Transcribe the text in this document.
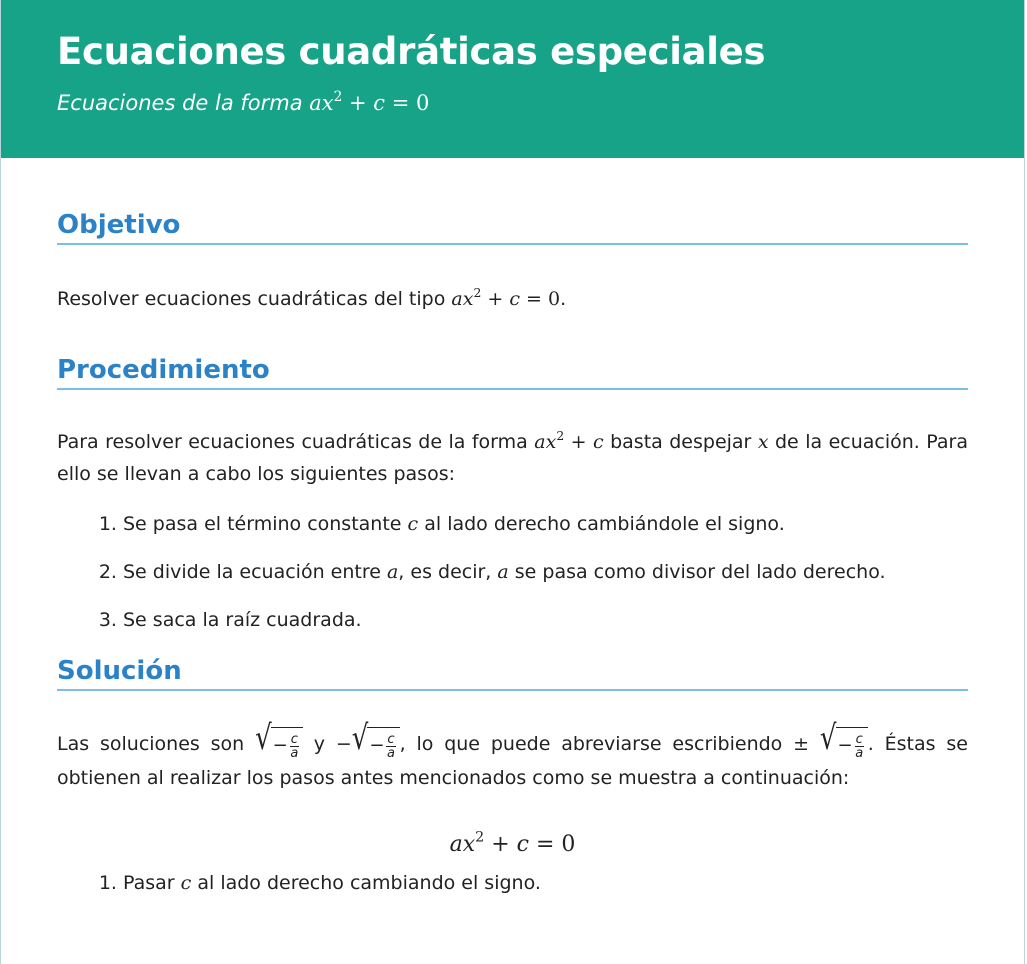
Ecuaciones cuadráticas especiales
Ecuaciones de la forma $ax^2 + c = 0$
Objetivo

Resolver ecuaciones cuadráticas del tipo $ax^2 + c = 0$.

Procedimiento

Para resolver ecuaciones cuadráticas de la forma $ax^2 + c$ basta despejar x de la ecuación. Para ello se llevan a cabo los siguientes pasos:

1. Se pasa el término constante c al lado derecho cambiándole el signo.
2. Se divide la ecuación entre a, es decir, a se pasa como divisor del lado derecho.
3. Se saca la raíz cuadrada.
Solución

Las soluciones son √ − $\frac{c}{a}$ y − √ − $\frac{c}{a}$ , lo que puede abreviarse escribiendo ± √ − $\frac{c}{a}$ . Éstas se obtienen al realizar los pasos antes mencionados como se muestra a continuación:

$ax^2 + c = 0$
1. Pasar c al lado derecho cambiando el signo.
